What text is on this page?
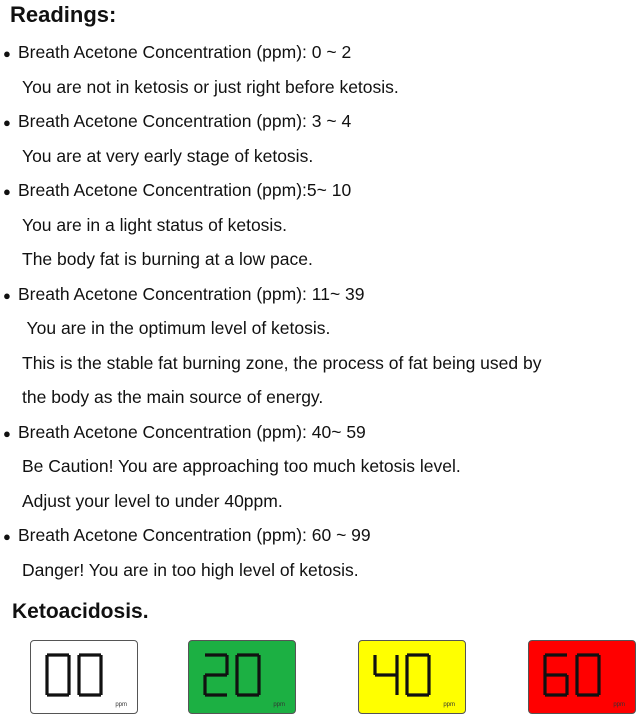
Readings:
● Breath Acetone Concentration (ppm): 0 ~ 2
You are not in ketosis or just right before ketosis.
● Breath Acetone Concentration (ppm): 3 ~ 4
You are at very early stage of ketosis.
● Breath Acetone Concentration (ppm):5~ 10
You are in a light status of ketosis.
The body fat is burning at a low pace.
● Breath Acetone Concentration (ppm): 11~ 39
You are in the optimum level of ketosis.
This is the stable fat burning zone, the process of fat being used by
the body as the main source of energy.
● Breath Acetone Concentration (ppm): 40~ 59
Be Caution! You are approaching too much ketosis level.
Adjust your level to under 40ppm.
● Breath Acetone Concentration (ppm): 60 ~ 99
Danger! You are in too high level of ketosis.
Ketoacidosis.
ppm	ppm	ppm	ppm
